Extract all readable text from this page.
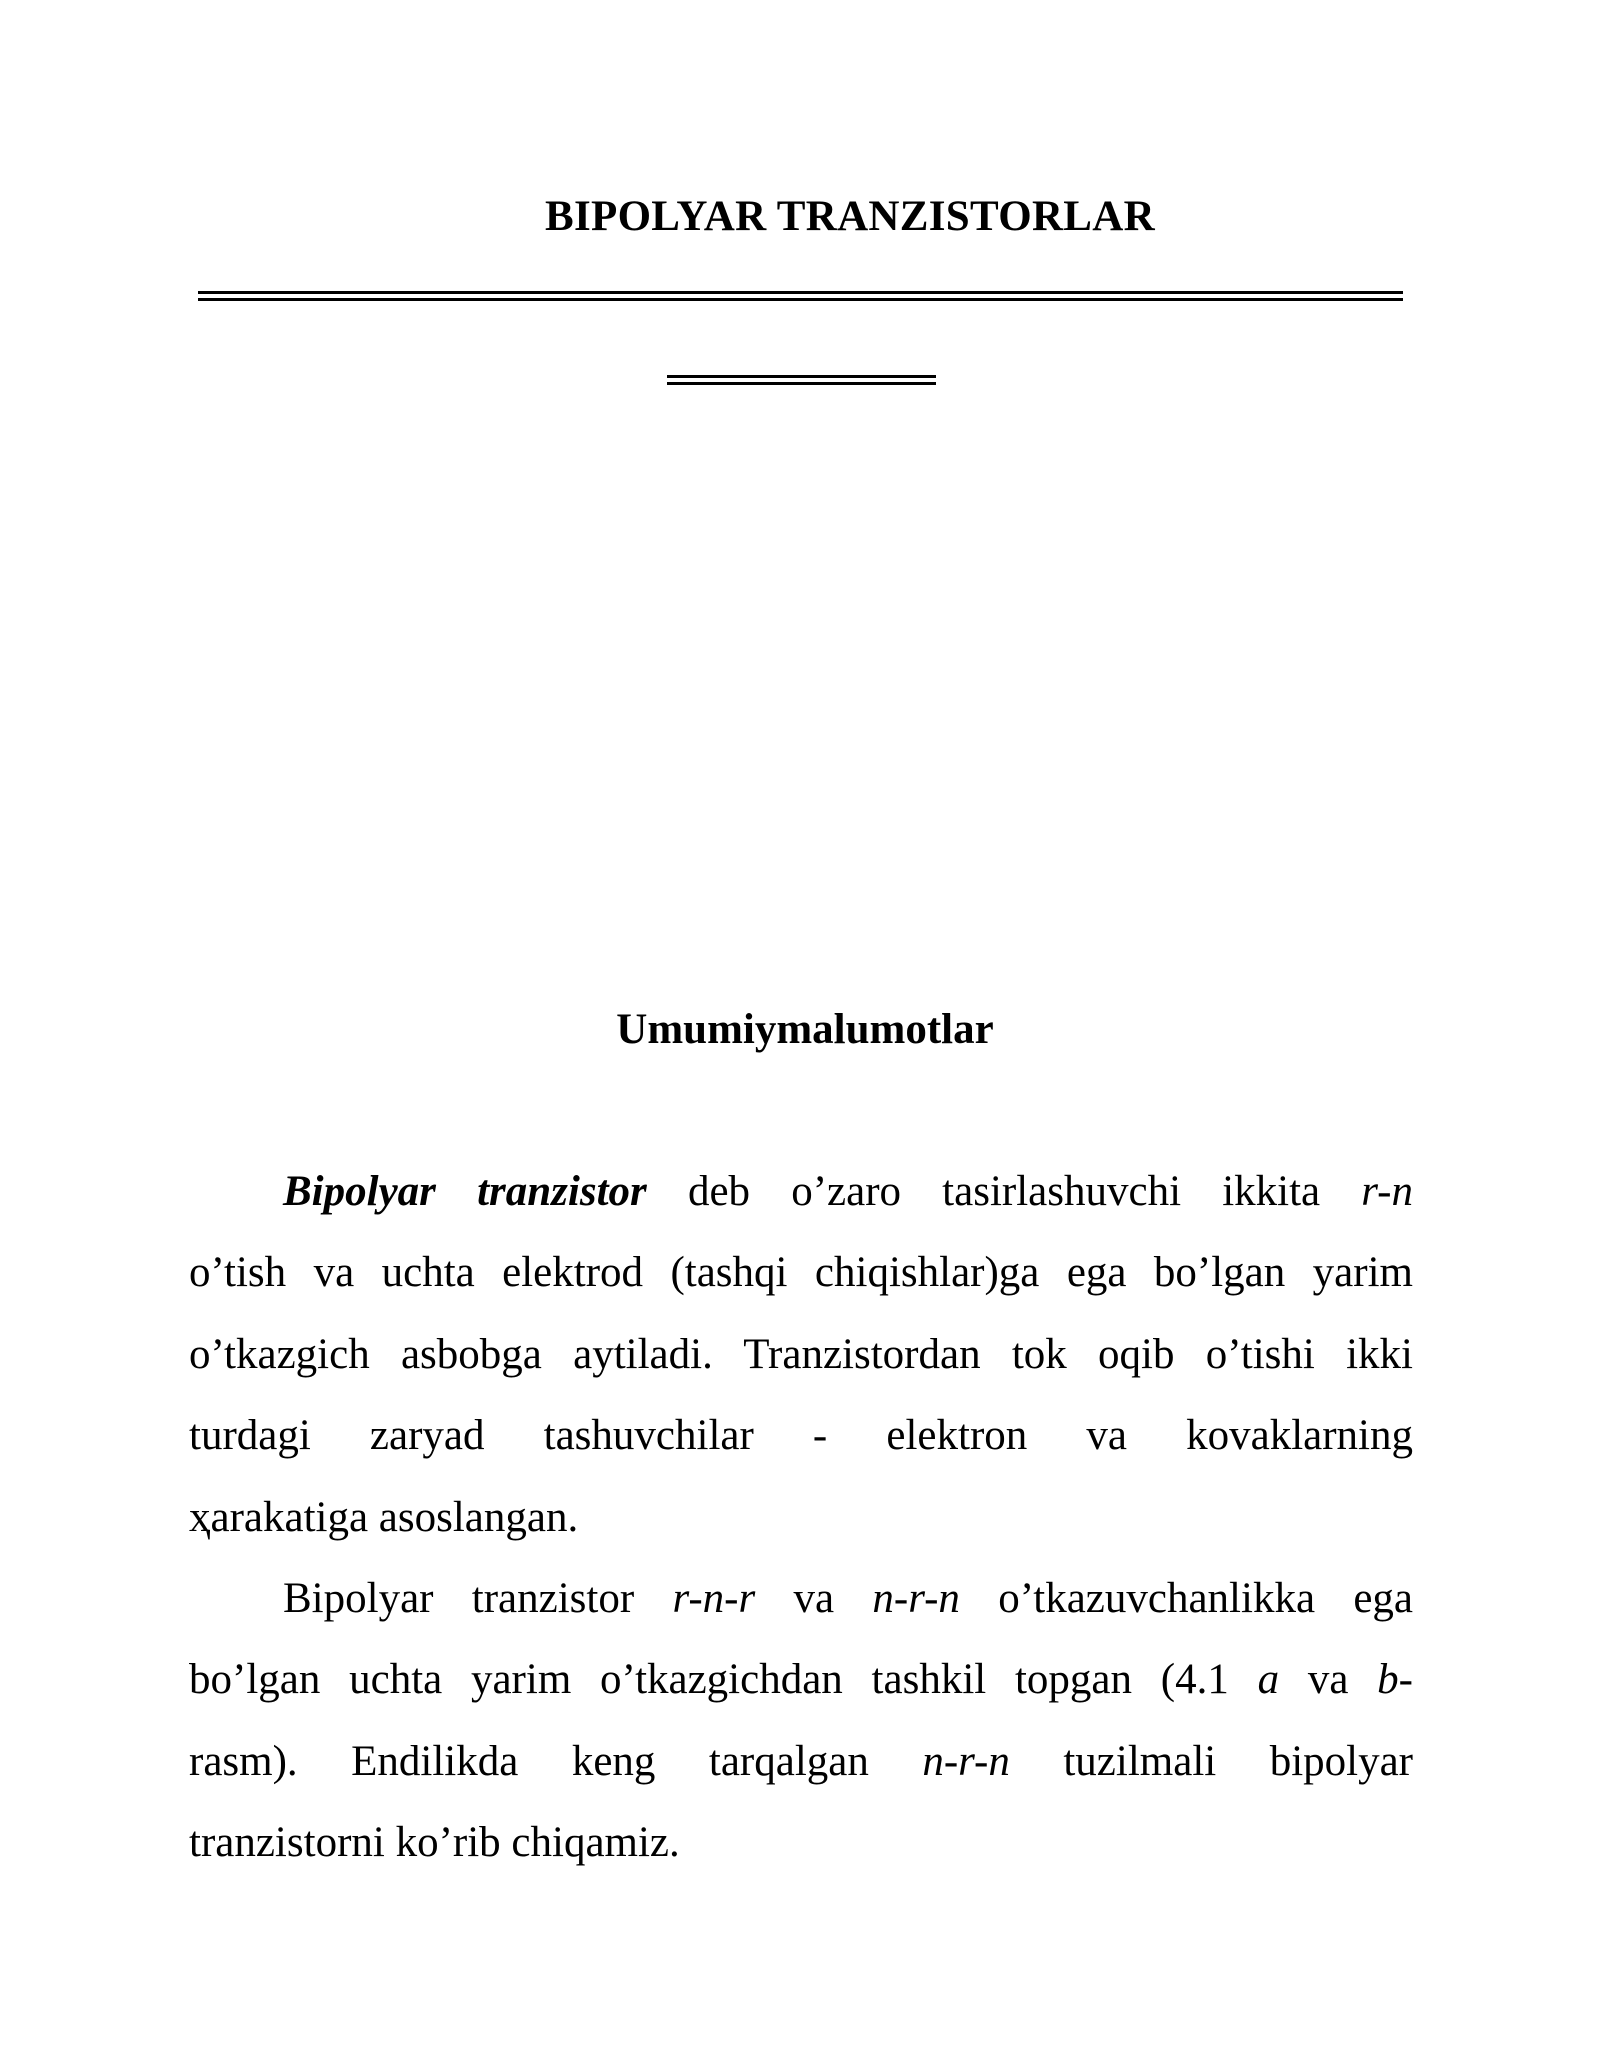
BIPOLYAR TRANZISTORLAR
Umumiymalumotlar
Bipolyar tranzistor deb o’zaro tasirlashuvchi ikkita r-n
o’tish va uchta elektrod (tashqi chiqishlar)ga ega bo’lgan yarim
o’tkazgich asbobga aytiladi. Tranzistordan tok oqib o’tishi ikki
turdagi zaryad tashuvchilar - elektron va kovaklarning
ҳarakatiga asoslangan.
Bipolyar tranzistor r-n-r va n-r-n o’tkazuvchanlikka ega
bo’lgan uchta yarim o’tkazgichdan tashkil topgan (4.1 a va b-
rasm). Endilikda keng tarqalgan n-r-n tuzilmali bipolyar
tranzistorni ko’rib chiqamiz.
